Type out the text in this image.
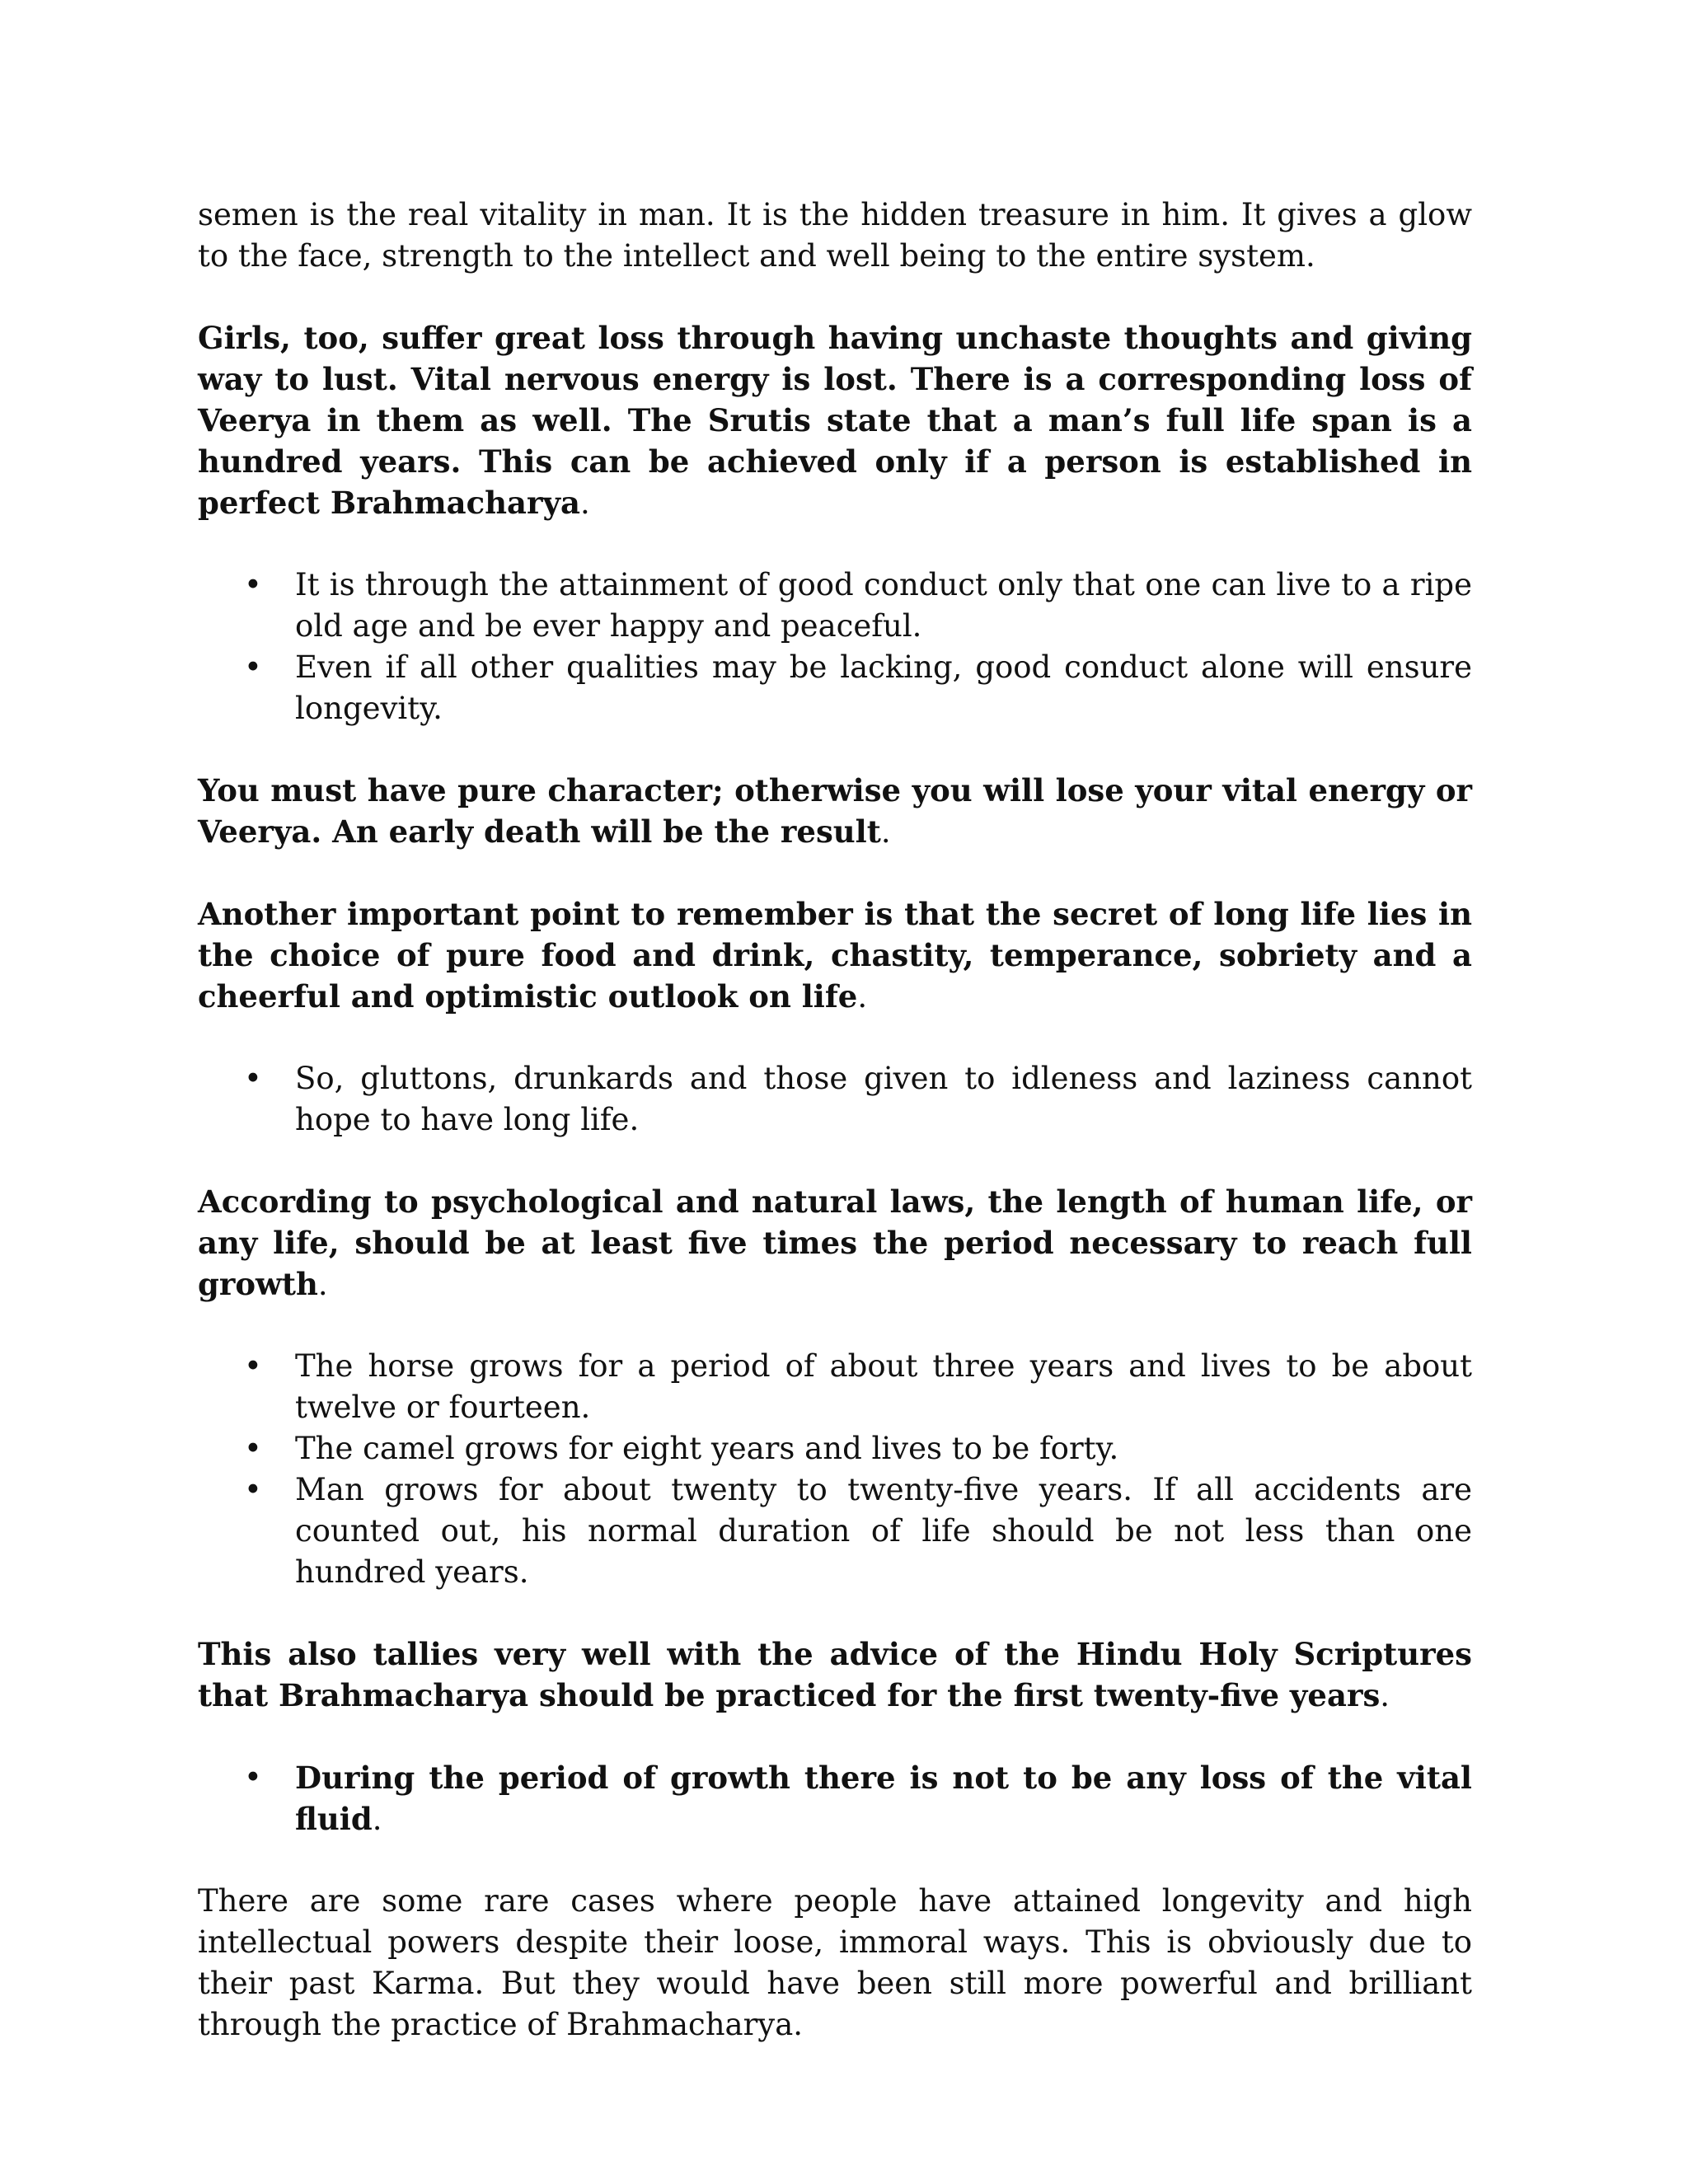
semen is the real vitality in man. It is the hidden treasure in him. It gives a glow to the face, strength to the intellect and well being to the entire system.

Girls, too, suffer great loss through having unchaste thoughts and giving way to lust. Vital nervous energy is lost. There is a corresponding loss of Veerya in them as well. The Srutis state that a man’s full life span is a hundred years. This can be achieved only if a person is established in perfect Brahmacharya.

• It is through the attainment of good conduct only that one can live to a ripe old age and be ever happy and peaceful.
• Even if all other qualities may be lacking, good conduct alone will ensure longevity.

You must have pure character; otherwise you will lose your vital energy or Veerya. An early death will be the result.

Another important point to remember is that the secret of long life lies in the choice of pure food and drink, chastity, temperance, sobriety and a cheerful and optimistic outlook on life.

• So, gluttons, drunkards and those given to idleness and laziness cannot hope to have long life.

According to psychological and natural laws, the length of human life, or any life, should be at least five times the period necessary to reach full growth.

• The horse grows for a period of about three years and lives to be about twelve or fourteen.
• The camel grows for eight years and lives to be forty.
• Man grows for about twenty to twenty-five years. If all accidents are counted out, his normal duration of life should be not less than one hundred years.

This also tallies very well with the advice of the Hindu Holy Scriptures that Brahmacharya should be practiced for the first twenty-five years.

• During the period of growth there is not to be any loss of the vital fluid.

There are some rare cases where people have attained longevity and high intellectual powers despite their loose, immoral ways. This is obviously due to their past Karma. But they would have been still more powerful and brilliant through the practice of Brahmacharya.
